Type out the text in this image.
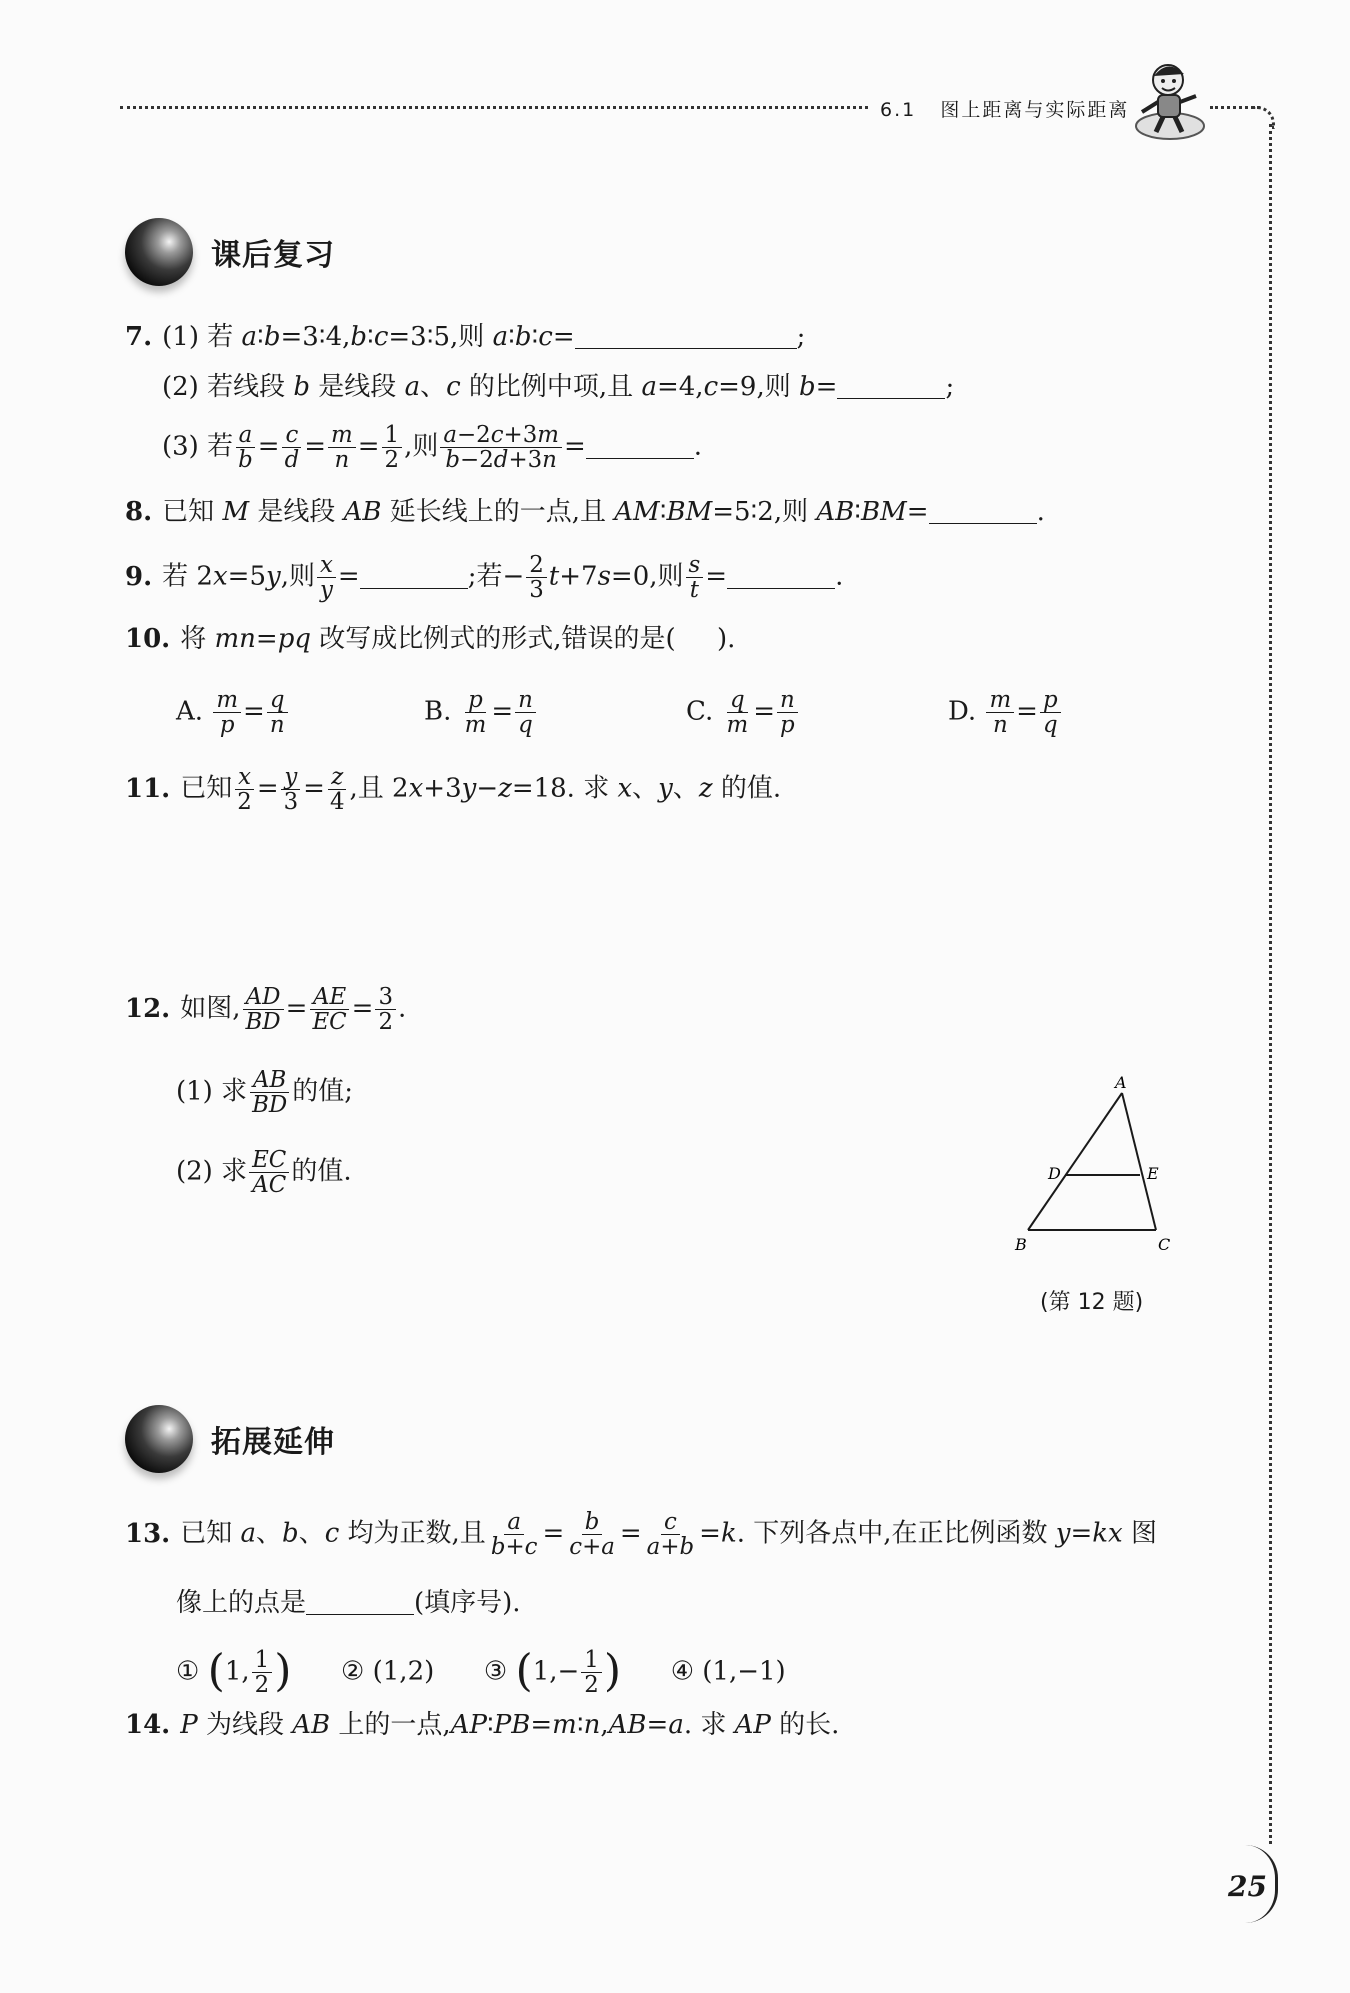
6.1 图上距离与实际距离
课后复习
7. (1) 若 a∶b=3∶4,b∶c=3∶5,则 a∶b∶c=	;
(2) 若线段 b 是线段 a、c 的比例中项,且 a=4,c=9,则 b=	;
(3) 若 $\frac{a}{b} = \frac{c}{d} = \frac{m}{n} = \frac{1}{2}$ ,则 $\frac{a-2c+3m}{b-2d+3n}$ =	.
8. 已知 M 是线段 AB 延长线上的一点,且 AM∶BM=5∶2,则 AB∶BM=	.
9. 若 2x=5y,则 $\frac{x}{y}$ =	;若− $\frac{2}{3} t+7s=0$,则 $\frac{s}{t}$ =	.
10. 将 mn=pq 改写成比例式的形式,错误的是( ).
A. $\frac{m}{p} = \frac{q}{n}$	B. $\frac{p}{m} = \frac{n}{q}$	C. $\frac{q}{m} = \frac{n}{p}$	D. $\frac{m}{n} = \frac{p}{q}$
11. 已知 $\frac{x}{2} = \frac{y}{3} = \frac{z}{4}$ ,且 2x+3y−z=18. 求 x、y、z 的值.
12. 如图, $\frac{AD}{BD} = \frac{AE}{EC} = \frac{3}{2}$ .
(1) 求 $\frac{AB}{BD}$ 的值;
(2) 求 $\frac{EC}{AC}$ 的值.
A
D	E
B	C
(第 12 题)
拓展延伸
13. 已知 a、b、c 均为正数,且 $\frac{a}{b+c} = \frac{b}{c+a} = \frac{c}{a+b} =k$. 下列各点中,在正比例函数 y=kx 图
像上的点是	(填序号).
① (1, $\frac{1}{2}$ ) ② (1,2)      ③ ($1,- \frac{1}{2}$ ) ④ (1,−1)
14. P 为线段 AB 上的一点,AP∶PB=m∶n,AB=a. 求 AP 的长.
25
